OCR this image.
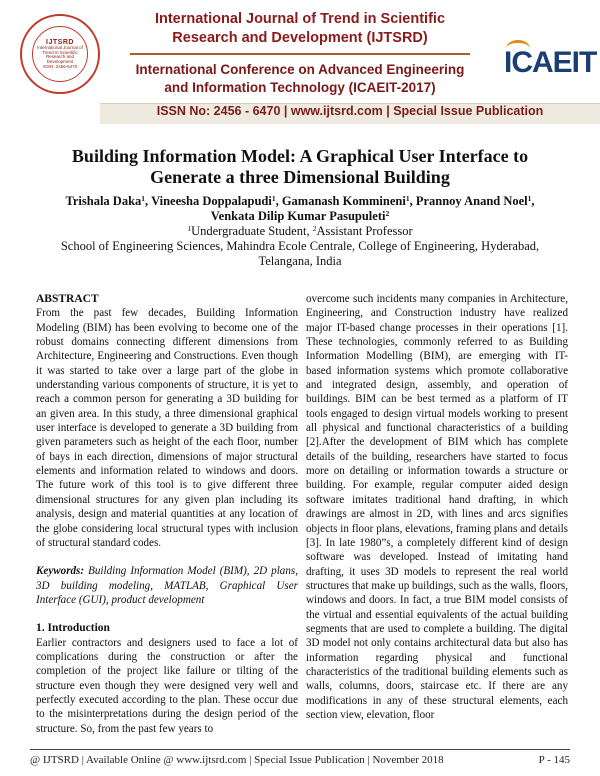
IJTSRD
International Journal of
Trend in Scientific
Research and
Development
ISSN: 2456-6470
International Journal of Trend in Scientific
Research and Development (IJTSRD)
International Conference on Advanced Engineering
and Information Technology (ICAEIT-2017)
ICAEIT
ISSN No: 2456 - 6470 | www.ijtsrd.com | Special Issue Publication
Building Information Model: A Graphical User Interface to
Generate a three Dimensional Building
Trishala Daka$^1$, Vineesha Doppalapudi$^1$, Gamanash Kommineni$^1$, Prannoy Anand Noel$^1$,
Venkata Dilip Kumar Pasupuleti$^2$
$^1$Undergraduate Student, $^2$Assistant Professor
School of Engineering Sciences, Mahindra Ecole Centrale, College of Engineering, Hyderabad,
Telangana, India

ABSTRACT

From the past few decades, Building Information Modeling (BIM) has been evolving to become one of the robust domains connecting different dimensions from Architecture, Engineering and Constructions. Even though it was started to take over a large part of the globe in understanding various components of structure, it is yet to reach a common person for generating a 3D building for an given area. In this study, a three dimensional graphical user interface is developed to generate a 3D building from given parameters such as height of the each floor, number of bays in each direction, dimensions of major structural elements and information related to windows and doors. The future work of this tool is to give different three dimensional structures for any given plan including its analysis, design and material quantities at any location of the globe considering local structural types with inclusion of structural standard codes.

Keywords: Building Information Model (BIM), 2D plans, 3D building modeling, MATLAB, Graphical User Interface (GUI), product development

1. Introduction

Earlier contractors and designers used to face a lot of complications during the construction or after the completion of the project like failure or tilting of the structure even though they were designed very well and perfectly executed according to the plan. These occur due to the misinterpretations during the design period of the structure. So, from the past few years to

overcome such incidents many companies in Architecture, Engineering, and Construction industry have realized major IT-based change processes in their operations [1]. These technologies, commonly referred to as Building Information Modelling (BIM), are emerging with IT- based information systems which promote collaborative and integrated design, assembly, and operation of buildings. BIM can be best termed as a platform of IT tools engaged to design virtual models working to present all physical and functional characteristics of a building [2].After the development of BIM which has complete details of the building, researchers have started to focus more on detailing or information towards a structure or building. For example, regular computer aided design software imitates traditional hand drafting, in which drawings are almost in 2D, with lines and arcs signifies objects in floor plans, elevations, framing plans and details [3]. In late 1980”s, a completely different kind of design software was developed. Instead of imitating hand drafting, it uses 3D models to represent the real world structures that make up buildings, such as the walls, floors, windows and doors. In fact, a true BIM model consists of the virtual and essential equivalents of the actual building segments that are used to complete a building. The digital 3D model not only contains architectural data but also has information regarding physical and functional characteristics of the traditional building elements such as walls, columns, doors, staircase etc. If there are any modifications in any of these structural elements, each section view, elevation, floor

@ IJTSRD | Available Online @ www.ijtsrd.com | Special Issue Publication | November 2018	P - 145
